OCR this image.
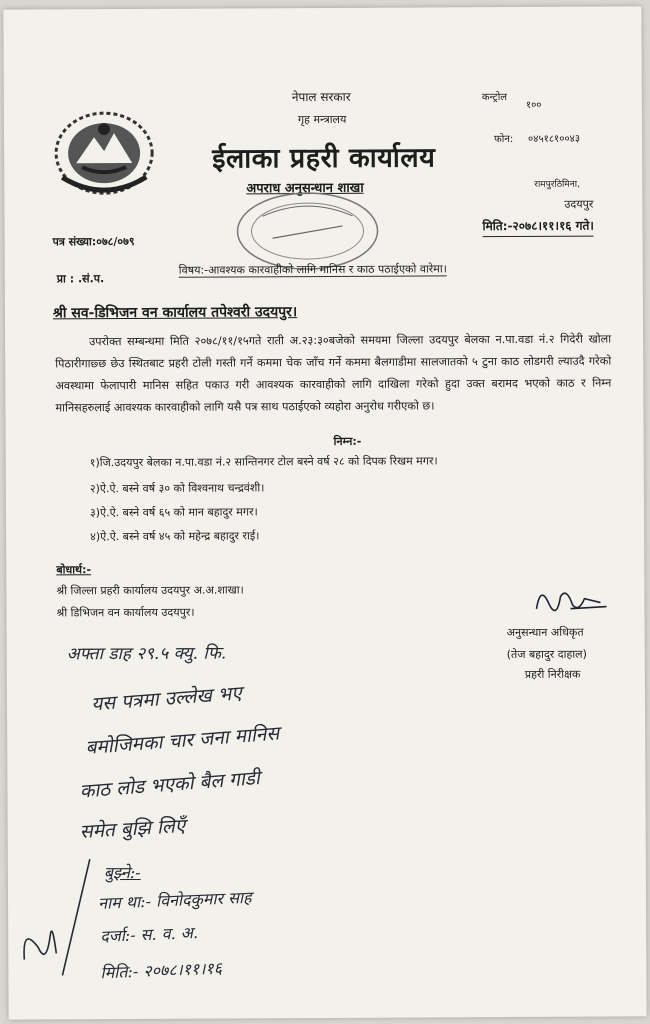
नेपाल सरकार
गृह मन्त्रालय
ईलाका प्रहरी कार्यालय
अपराध अनुसन्धान शाखा
कन्ट्रोल
१००
फोन: ०४५१८१००४३
रामपुरठिमिना,
उदयपुर
मिति:-२०७८।११।१६ गते।
पत्र संख्या:०७८/०७९
प्रा : .सं.प.
विषय:-आवश्यक कारवाहीको लागि मानिस र काठ पठाईएको वारेमा।
श्री सव-डिभिजन वन कार्यालय तपेश्वरी उदयपुर।
उपरोक्त सम्बन्धमा मिति २०७८/११/१५गते राती अ.२३:३०बजेको समयमा जिल्ला उदयपुर बेलका न.पा.वडा नं.२ गिदेरी खोला पिठारीगाछ्छ छेउ स्थितबाट प्रहरी टोली गस्ती गर्ने कममा चेक जाँच गर्ने कममा बैलगाडीमा सालजातको ५ टुना काठ लोडगरी ल्याउदै गरेको अवस्थामा फेलापारी मानिस सहित पकाउ गरी आवश्यक कारवाहीको लागि दाखिला गरेको हुदा उक्त बरामद भएको काठ र निम्न मानिसहरुलाई आवश्यक कारवाहीको लागि यसै पत्र साथ पठाईएको व्यहोरा अनुरोध गरीएको छ।
निम्न:-
१)जि.उदयपुर बेलका न.पा.वडा नं.२ सान्तिनगर टोल बस्ने वर्ष २८ को दिपक रिखम मगर।
२)ऐ.ऐ. बस्ने वर्ष ३० को विश्वनाथ चन्द्रवंशी।
३)ऐ.ऐ. बस्ने वर्ष ६५ को मान बहादुर मगर।
४)ऐ.ऐ. बस्ने वर्ष ४५ को महेन्द्र बहादुर राई।
बोधार्थ:-
श्री जिल्ला प्रहरी कार्यालय उदयपुर अ.अ.शाखा।
श्री डिभिजन वन कार्यालय उदयपुर।
अनुसन्धान अधिकृत
(तेज बहादुर दाहाल)
प्रहरी निरीक्षक
अफ्ता डाह २९.५ क्यु. फि.
यस पत्रमा उल्लेख भए
बमोजिमका चार जना मानिस
काठ लोड भएको बैल गाडी
समेत बुझि लिएँ
बुझ्ने:-
नाम था:- विनोदकुमार साह
दर्जा:- स. व. अ.
मिति:- २०७८।११।१६
